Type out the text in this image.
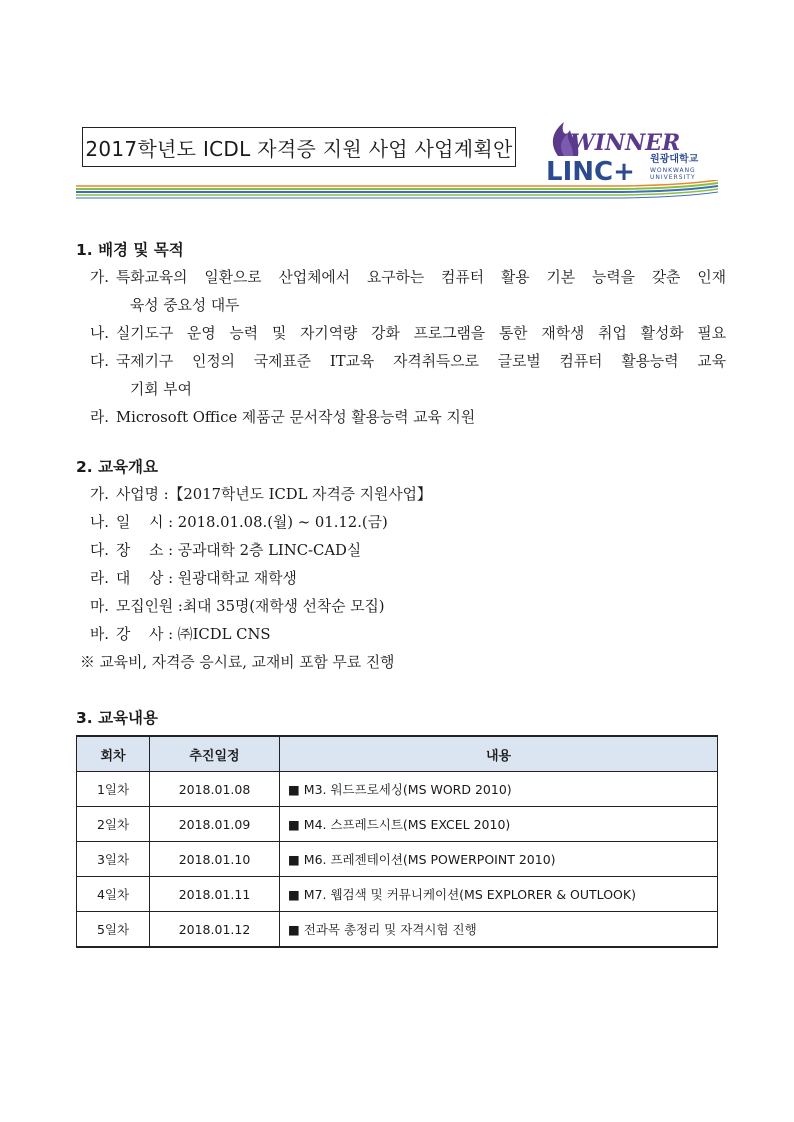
2017학년도 ICDL 자격증 지원 사업 사업계획안	WINNER
LINC+ 원광대학교
WONKWANG
UNIVERSITY
1. 배경 및 목적
가. 특화교육의 일환으로 산업체에서 요구하는 컴퓨터 활용 기본 능력을 갖춘 인재
육성 중요성 대두
나. 실기도구 운영 능력 및 자기역량 강화 프로그램을 통한 재학생 취업 활성화 필요
다. 국제기구 인정의 국제표준 IT교육 자격취득으로 글로벌 컴퓨터 활용능력 교육
기회 부여
라. Microsoft Office 제품군 문서작성 활용능력 교육 지원
2. 교육개요
가. 사업명 :【2017학년도 ICDL 자격증 지원사업】
나. 일    시 : 2018.01.08.(월) ~ 01.12.(금)
다. 장    소 : 공과대학 2층 LINC-CAD실
라. 대    상 : 원광대학교 재학생
마. 모집인원 :최대 35명(재학생 선착순 모집)
바. 강    사 : ㈜ICDL CNS
※ 교육비, 자격증 응시료, 교재비 포함 무료 진행
3. 교육내용
회차	추진일정	내용
1일차	2018.01.08	■ M3. 워드프로세싱(MS WORD 2010)
2일차	2018.01.09	■ M4. 스프레드시트(MS EXCEL 2010)
3일차	2018.01.10	■ M6. 프레젠테이션(MS POWERPOINT 2010)
4일차	2018.01.11	■ M7. 웹검색 및 커뮤니케이션(MS EXPLORER & OUTLOOK)
5일차	2018.01.12	■ 전과목 총정리 및 자격시험 진행
